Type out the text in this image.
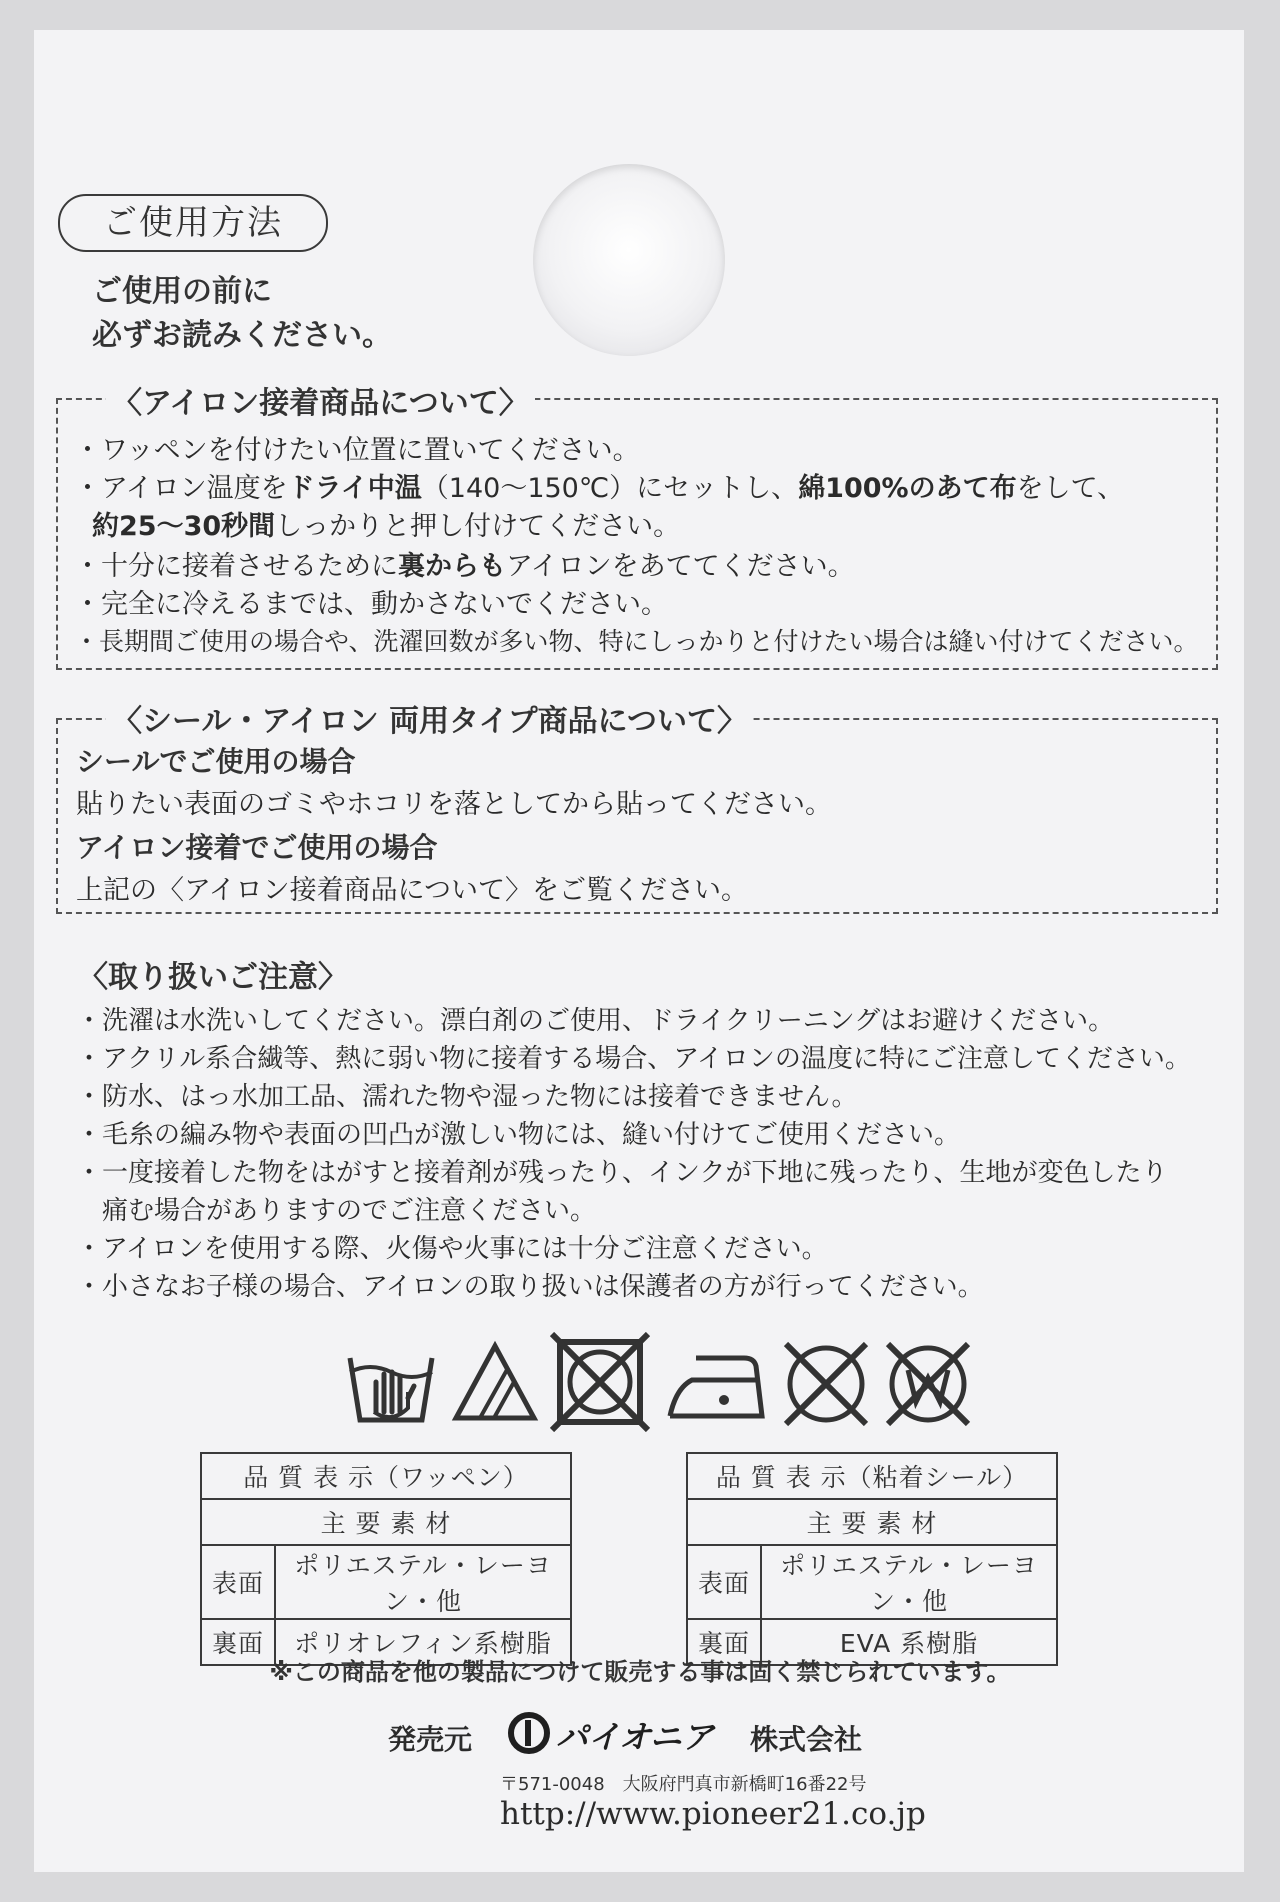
ご使用方法
ご使用の前に
必ずお読みください。
〈アイロン接着商品について〉
・ワッペンを付けたい位置に置いてください。
・アイロン温度をドライ中温（140〜150℃）にセットし、綿100%のあて布をして、
約25〜30秒間しっかりと押し付けてください。
・十分に接着させるために裏からもアイロンをあててください。
・完全に冷えるまでは、動かさないでください。
・長期間ご使用の場合や、洗濯回数が多い物、特にしっかりと付けたい場合は縫い付けてください。
〈シール・アイロン 両用タイプ商品について〉
シールでご使用の場合
貼りたい表面のゴミやホコリを落としてから貼ってください。
アイロン接着でご使用の場合
上記の〈アイロン接着商品について〉をご覧ください。
〈取り扱いご注意〉
・洗濯は水洗いしてください。漂白剤のご使用、ドライクリーニングはお避けください。
・アクリル系合繊等、熱に弱い物に接着する場合、アイロンの温度に特にご注意してください。
・防水、はっ水加工品、濡れた物や湿った物には接着できません。
・毛糸の編み物や表面の凹凸が激しい物には、縫い付けてご使用ください。
・一度接着した物をはがすと接着剤が残ったり、インクが下地に残ったり、生地が変色したり
　痛む場合がありますのでご注意ください。
・アイロンを使用する際、火傷や火事には十分ご注意ください。
・小さなお子様の場合、アイロンの取り扱いは保護者の方が行ってください。
品 質 表 示（ワッペン）	
主 要 素 材	
表面	ポリエステル・レーヨン・他
裏面	ポリオレフィン系樹脂
品 質 表 示（粘着シール）	
主 要 素 材	
表面	ポリエステル・レーヨン・他
裏面	EVA 系樹脂
※この商品を他の製品につけて販売する事は固く禁じられています。
発売元	パイオニア 株式会社
〒571-0048　大阪府門真市新橋町16番22号
http://www.pioneer21.co.jp
